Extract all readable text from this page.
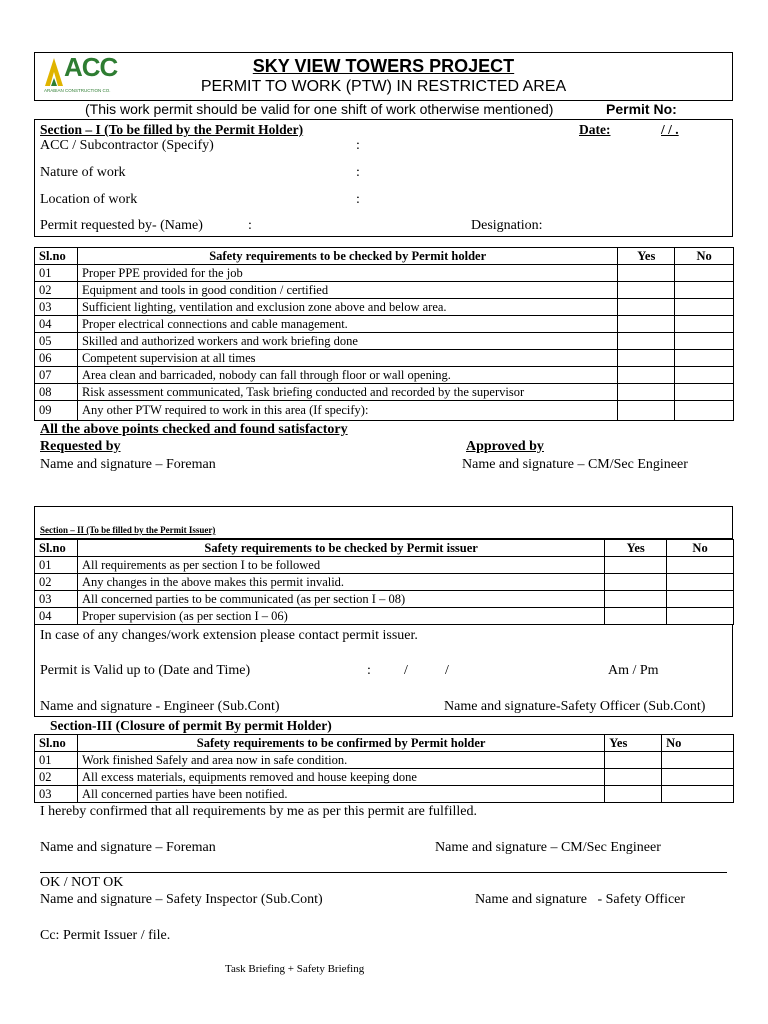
ACC
ARABIAN CONSTRUCTION CO.
SKY VIEW TOWERS PROJECT
PERMIT TO WORK (PTW) IN RESTRICTED AREA
(This work permit should be valid for one shift of work otherwise mentioned)	Permit No:
Section – I (To be filled by the Permit Holder)	Date:	/ / .
ACC / Subcontractor (Specify)	:
Nature of work	:
Location of work	:
Permit requested by- (Name)	:	Designation:
Sl.no	Safety requirements to be checked by Permit holder	Yes	No
01	Proper PPE provided for the job		
02	Equipment and tools in good condition / certified		
03	Sufficient lighting, ventilation and exclusion zone above and below area.		
04	Proper electrical connections and cable management.		
05	Skilled and authorized workers and work briefing done		
06	Competent supervision at all times		
07	Area clean and barricaded, nobody can fall through floor or wall opening.		
08	Risk assessment communicated, Task briefing conducted and recorded by the supervisor		
09	Any other PTW required to work in this area (If specify):		
All the above points checked and found satisfactory
Requested by	Approved by
Name and signature – Foreman	Name and signature – CM/Sec Engineer
Section – II (To be filled by the Permit Issuer)
Sl.no	Safety requirements to be checked by Permit issuer	Yes	No
01	All requirements as per section I to be followed		
02	Any changes in the above makes this permit invalid.		
03	All concerned parties to be communicated (as per section I – 08)		
04	Proper supervision (as per section I – 06)		
In case of any changes/work extension please contact permit issuer.
Permit is Valid up to (Date and Time)	: /	/	Am / Pm
Name and signature - Engineer (Sub.Cont)	Name and signature-Safety Officer (Sub.Cont)
Section-III (Closure of permit By permit Holder)
Sl.no	Safety requirements to be confirmed by Permit holder	Yes	No
01	Work finished Safely and area now in safe condition.		
02	All excess materials, equipments removed and house keeping done		
03	All concerned parties have been notified.		
I hereby confirmed that all requirements by me as per this permit are fulfilled.
Name and signature – Foreman	Name and signature – CM/Sec Engineer
OK / NOT OK
Name and signature – Safety Inspector (Sub.Cont)	Name and signature   - Safety Officer
Cc: Permit Issuer / file.
Task Briefing + Safety Briefing
